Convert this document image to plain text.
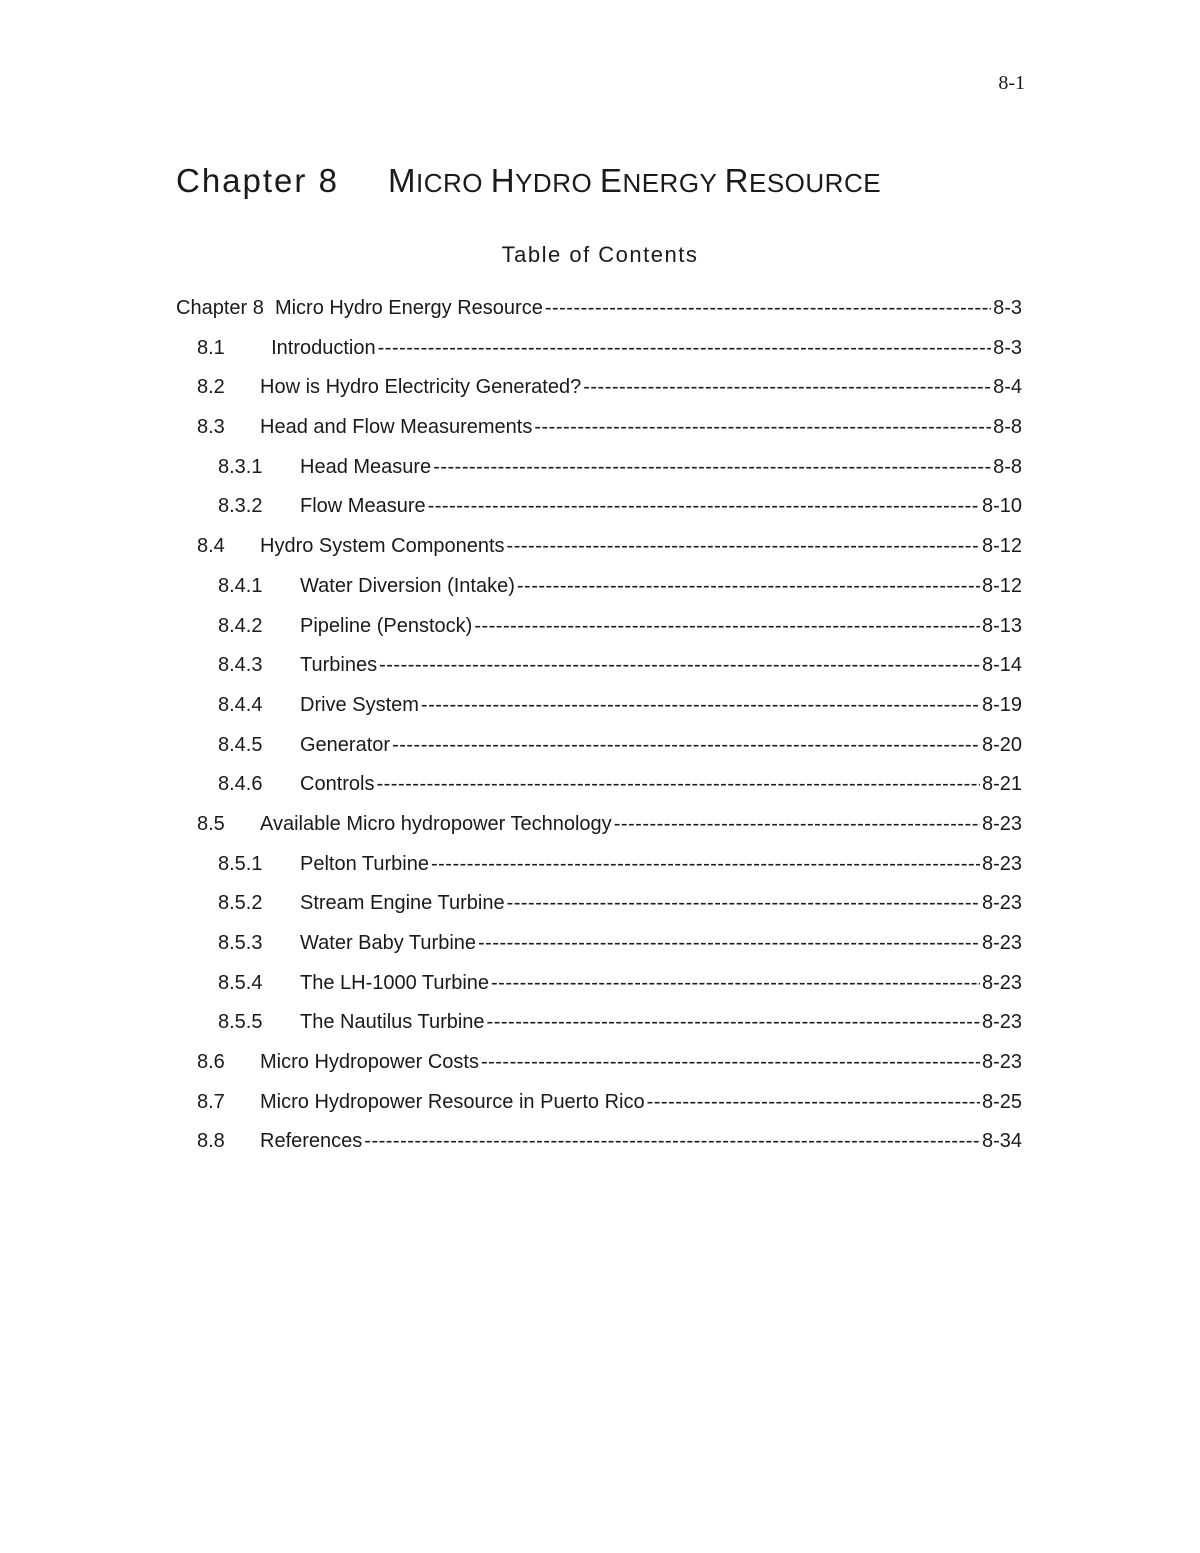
8-1
Chapter 8 MICRO HYDRO ENERGY RESOURCE
Table of Contents
Chapter 8  Micro Hydro Energy Resource -----	8-3
8.1	Introduction -----	8-3
8.2	How is Hydro Electricity Generated? -----	8-4
8.3	Head and Flow Measurements -----	8-8
8.3.1	Head Measure -----	8-8
8.3.2	Flow Measure -----	8-10
8.4	Hydro System Components -----	8-12
8.4.1	Water Diversion (Intake) -----	8-12
8.4.2	Pipeline (Penstock) -----	8-13
8.4.3	Turbines -----	8-14
8.4.4	Drive System -----	8-19
8.4.5	Generator -----	8-20
8.4.6	Controls -----	8-21
8.5	Available Micro hydropower Technology -----	8-23
8.5.1	Pelton Turbine -----	8-23
8.5.2	Stream Engine Turbine -----	8-23
8.5.3	Water Baby Turbine -----	8-23
8.5.4	The LH-1000 Turbine -----	8-23
8.5.5	The Nautilus Turbine -----	8-23
8.6	Micro Hydropower Costs -----	8-23
8.7	Micro Hydropower Resource in Puerto Rico -----	8-25
8.8	References -----	8-34
